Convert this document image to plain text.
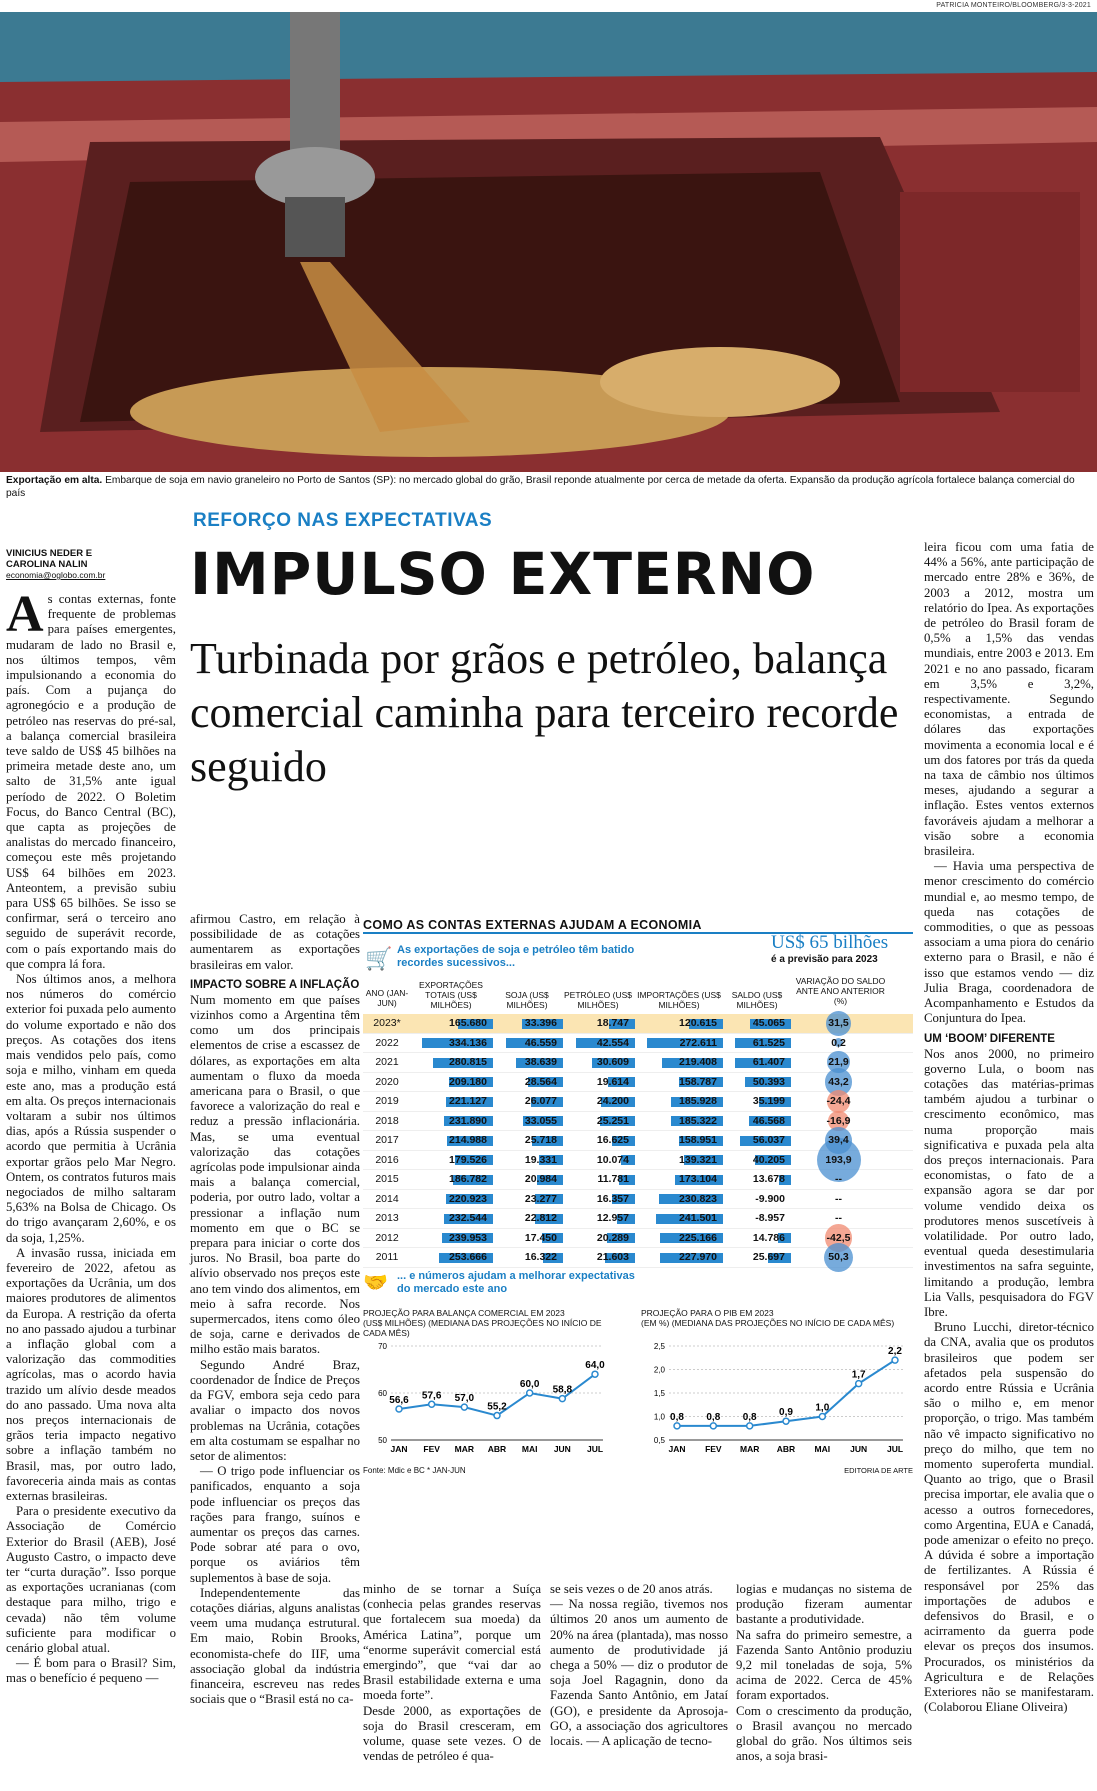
PATRICIA MONTEIRO/BLOOMBERG/3-3-2021
Exportação em alta. Embarque de soja em navio graneleiro no Porto de Santos (SP): no mercado global do grão, Brasil reponde atualmente por cerca de metade da oferta. Expansão da produção agrícola fortalece balança comercial do país
VINICIUS NEDER E
CAROLINA NALIN
economia@oglobo.com.br

As contas externas, fonte frequente de problemas para países emergentes, mudaram de lado no Brasil e, nos últimos tempos, vêm impulsionando a economia do país. Com a pujança do agronegócio e a produção de petróleo nas reservas do pré-sal, a balança comercial brasileira teve saldo de US$ 45 bilhões na primeira metade deste ano, um salto de 31,5% ante igual período de 2022. O Boletim Focus, do Banco Central (BC), que capta as projeções de analistas do mercado financeiro, começou este mês projetando US$ 64 bilhões em 2023. Anteontem, a previsão subiu para US$ 65 bilhões. Se isso se confirmar, será o terceiro ano seguido de superávit recorde, com o país exportando mais do que compra lá fora.

Nos últimos anos, a melhora nos números do comércio exterior foi puxada pelo aumento do volume exportado e não dos preços. As cotações dos itens mais vendidos pelo país, como soja e milho, vinham em queda este ano, mas a produção está em alta. Os preços internacionais voltaram a subir nos últimos dias, após a Rússia suspender o acordo que permitia à Ucrânia exportar grãos pelo Mar Negro. Ontem, os contratos futuros mais negociados de milho saltaram 5,63% na Bolsa de Chicago. Os do trigo avançaram 2,60%, e os da soja, 1,25%.

A invasão russa, iniciada em fevereiro de 2022, afetou as exportações da Ucrânia, um dos maiores produtores de alimentos da Europa. A restrição da oferta no ano passado ajudou a turbinar a inflação global com a valorização das commodities agrícolas, mas o acordo havia trazido um alívio desde meados do ano passado. Uma nova alta nos preços internacionais de grãos teria impacto negativo sobre a inflação também no Brasil, mas, por outro lado, favoreceria ainda mais as contas externas brasileiras.

Para o presidente executivo da Associação de Comércio Exterior do Brasil (AEB), José Augusto Castro, o impacto deve ter “curta duração”. Isso porque as exportações ucranianas (com destaque para milho, trigo e cevada) não têm volume suficiente para modificar o cenário global atual.

— É bom para o Brasil? Sim, mas o benefício é pequeno —

REFORÇO NAS EXPECTATIVAS
IMPULSO EXTERNO
Turbinada por grãos e petróleo, balança comercial caminha para terceiro recorde seguido

afirmou Castro, em relação à possibilidade de as cotações aumentarem as exportações brasileiras em valor.

IMPACTO SOBRE A INFLAÇÃO

Num momento em que países vizinhos como a Argentina têm como um dos principais elementos de crise a escassez de dólares, as exportações em alta aumentam o fluxo da moeda americana para o Brasil, o que favorece a valorização do real e reduz a pressão inflacionária. Mas, se uma eventual valorização das cotações agrícolas pode impulsionar ainda mais a balança comercial, poderia, por outro lado, voltar a pressionar a inflação num momento em que o BC se prepara para iniciar o corte dos juros. No Brasil, boa parte do alívio observado nos preços este ano tem vindo dos alimentos, em meio à safra recorde. Nos supermercados, itens como óleo de soja, carne e derivados de milho estão mais baratos.

Segundo André Braz, coordenador de Índice de Preços da FGV, embora seja cedo para avaliar o impacto dos novos problemas na Ucrânia, cotações em alta costumam se espalhar no setor de alimentos:

— O trigo pode influenciar os panificados, enquanto a soja pode influenciar os preços das rações para frango, suínos e aumentar os preços das carnes. Pode sobrar até para o ovo, porque os aviários têm suplementos à base de soja.

Independentemente das cotações diárias, alguns analistas veem uma mudança estrutural. Em maio, Robin Brooks, economista-chefe do IIF, uma associação global da indústria financeira, escreveu nas redes sociais que o “Brasil está no ca-

COMO AS CONTAS EXTERNAS AJUDAM A ECONOMIA
🛒 As exportações de soja e petróleo têm batido recordes sucessivos...
US$ 65 bilhões
é a previsão para 2023
ANO (JAN-JUN)
EXPORTAÇÕES TOTAIS (US$ MILHÕES)
SOJA (US$ MILHÕES)
PETRÓLEO (US$ MILHÕES)
IMPORTAÇÕES (US$ MILHÕES)
SALDO (US$ MILHÕES)
VARIAÇÃO DO SALDO ANTE ANO ANTERIOR (%)
2023*	165.680	33.396	18.747	120.615	45.065	31,5
2022	334.136	46.559	42.554	272.611	61.525	0,2
2021	280.815	38.639	30.609	219.408	61.407	21,9
2020	209.180	28.564	19.614	158.787	50.393	43,2
2019	221.127	26.077	24.200	185.928	35.199	-24,4
2018	231.890	33.055	25.251	185.322	46.568	-16,9
2017	214.988	25.718	16.625	158.951	56.037	39,4
2016	179.526	19.331	10.074	139.321	40.205	193,9
2015	186.782	20.984	11.781	173.104	13.678	--
2014	220.923	23.277	16.357	230.823	-9.900	--
2013	232.544	22.812	12.957	241.501	-8.957	--
2012	239.953	17.450	20.289	225.166	14.786	-42,5
2011	253.666	16.322	21.603	227.970	25.697	50,3
🤝 ... e números ajudam a melhorar expectativas do mercado este ano
PROJEÇÃO PARA BALANÇA COMERCIAL EM 2023
(US$ MILHÕES) (MEDIANA DAS PROJEÇÕES NO INÍCIO DE CADA MÊS)
50
60
70
56,6
JAN
57,6
FEV
57,0
MAR
55,2
ABR
60,0
MAI
58,8
JUN
64,0
JUL
PROJEÇÃO PARA O PIB EM 2023
(EM %) (MEDIANA DAS PROJEÇÕES NO INÍCIO DE CADA MÊS)
0,5
1,0
1,5
2,0
2,5
0,8
JAN
0,8
FEV
0,8
MAR
0,9
ABR
1,0
MAI
1,7
JUN
2,2
JUL
Fonte: Mdic e BC * JAN-JUN	EDITORIA DE ARTE
minho de se tornar a Suíça (conhecia pelas grandes reservas que fortalecem sua moeda) da América Latina”, porque um “enorme superávit comercial está emergindo”, que “vai dar ao Brasil estabilidade externa e uma moeda forte”.
Desde 2000, as exportações de soja do Brasil cresceram, em volume, quase sete vezes. O de vendas de petróleo é qua-
se seis vezes o de 20 anos atrás.
— Na nossa região, tivemos nos últimos 20 anos um aumento de 20% na área (plantada), mas nosso aumento de produtividade já chega a 50% — diz o produtor de soja Joel Ragagnin, dono da Fazenda Santo Antônio, em Jataí (GO), e presidente da Aprosoja-GO, a associação dos agricultores locais. — A aplicação de tecno-
logias e mudanças no sistema de produção fizeram aumentar bastante a produtividade.
Na safra do primeiro semestre, a Fazenda Santo Antônio produziu 9,2 mil toneladas de soja, 5% acima de 2022. Cerca de 45% foram exportados.
Com o crescimento da produção, o Brasil avançou no mercado global do grão. Nos últimos seis anos, a soja brasi-

leira ficou com uma fatia de 44% a 56%, ante participação de mercado entre 28% e 36%, de 2003 a 2012, mostra um relatório do Ipea. As exportações de petróleo do Brasil foram de 0,5% a 1,5% das vendas mundiais, entre 2003 e 2013. Em 2021 e no ano passado, ficaram em 3,5% e 3,2%, respectivamente. Segundo economistas, a entrada de dólares das exportações movimenta a economia local e é um dos fatores por trás da queda na taxa de câmbio nos últimos meses, ajudando a segurar a inflação. Estes ventos externos favoráveis ajudam a melhorar a visão sobre a economia brasileira.

— Havia uma perspectiva de menor crescimento do comércio mundial e, ao mesmo tempo, de queda nas cotações de commodities, o que as pessoas associam a uma piora do cenário externo para o Brasil, e não é isso que estamos vendo — diz Julia Braga, coordenadora de Acompanhamento e Estudos da Conjuntura do Ipea.

UM ‘BOOM’ DIFERENTE

Nos anos 2000, no primeiro governo Lula, o boom nas cotações das matérias-primas também ajudou a turbinar o crescimento econômico, mas numa proporção mais significativa e puxada pela alta dos preços internacionais. Para economistas, o fato de a expansão agora se dar por volume vendido deixa os produtores menos suscetíveis à volatilidade. Por outro lado, eventual queda desestimularia investimentos na safra seguinte, limitando a produção, lembra Lia Valls, pesquisadora do FGV Ibre.

Bruno Lucchi, diretor-técnico da CNA, avalia que os produtos brasileiros que podem ser afetados pela suspensão do acordo entre Rússia e Ucrânia são o milho e, em menor proporção, o trigo. Mas também não vê impacto significativo no preço do milho, que tem no momento superoferta mundial. Quanto ao trigo, que o Brasil precisa importar, ele avalia que o acesso a outros fornecedores, como Argentina, EUA e Canadá, pode amenizar o efeito no preço. A dúvida é sobre a importação de fertilizantes. A Rússia é responsável por 25% das importações de adubos e defensivos do Brasil, e o acirramento da guerra pode elevar os preços dos insumos. Procurados, os ministérios da Agricultura e de Relações Exteriores não se manifestaram. (Colaborou Eliane Oliveira)
